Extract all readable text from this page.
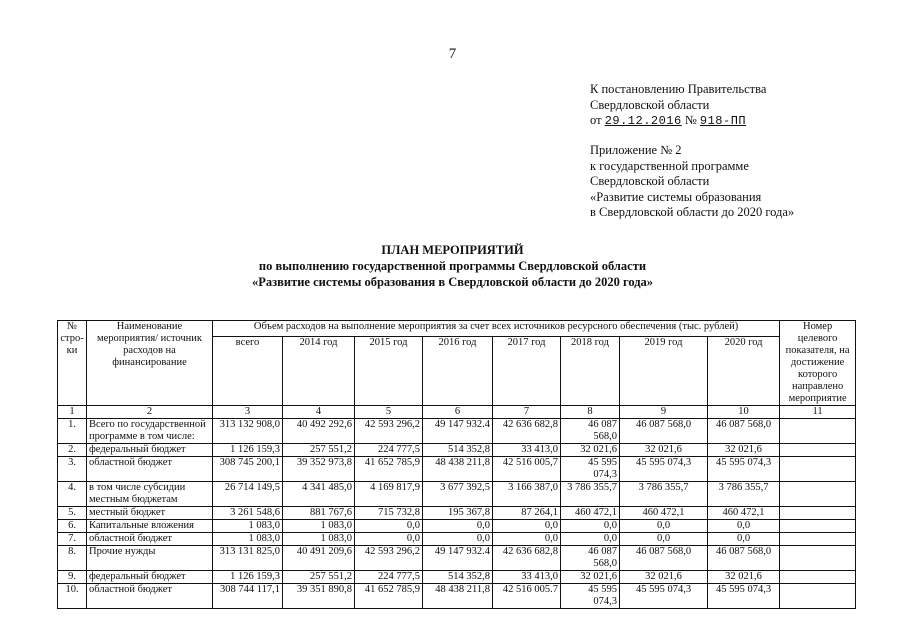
7
К постановлению Правительства
Свердловской области
от 29.12.2016 № 918-ПП
Приложение № 2
к государственной программе
Свердловской области
«Развитие системы образования
в Свердловской области до 2020 года»
ПЛАН МЕРОПРИЯТИЙ
по выполнению государственной программы Свердловской области
«Развитие системы образования в Свердловской области до 2020 года»
№ стро- ки	Наименование мероприятия/ источник расходов на финансирование	Объем расходов на выполнение мероприятия за счет всех источников ресурсного обеспечения (тыс. рублей)								Номер целевого показателя, на достижение которого направлено мероприятие
		всего	2014 год	2015 год	2016 год	2017 год	2018 год	2019 год	2020 год	
1	2	3	4	5	6	7	8	9	10	11
1.	Всего по государственной программе в том числе:	313 132 908,0	40 492 292,6	42 593 296,2	49 147 932.4	42 636 682,8	46 087 568,0	46 087 568,0	46 087 568,0	
2.	федеральный бюджет	1 126 159,3	257 551,2	224 777,5	514 352,8	33 413,0	32 021,6	32 021,6	32 021,6	
3.	областной бюджет	308 745 200,1	39 352 973,8	41 652 785,9	48 438 211,8	42 516 005,7	45 595 074,3	45 595 074,3	45 595 074,3	
4.	в том числе субсидии местным бюджетам	26 714 149,5	4 341 485,0	4 169 817,9	3 677 392,5	3 166 387,0	3 786 355,7	3 786 355,7	3 786 355,7	
5.	местный бюджет	3 261 548,6	881 767,6	715 732,8	195 367,8	87 264,1	460 472,1	460 472,1	460 472,1	
6.	Капитальные вложения	1 083,0	1 083,0	0,0	0,0	0,0	0,0	0,0	0,0	
7.	областной бюджет	1 083,0	1 083,0	0,0	0,0	0,0	0,0	0,0	0,0	
8.	Прочие нужды	313 131 825,0	40 491 209,6	42 593 296,2	49 147 932.4	42 636 682,8	46 087 568,0	46 087 568,0	46 087 568,0	
9.	федеральный бюджет	1 126 159,3	257 551,2	224 777,5	514 352,8	33 413,0	32 021,6	32 021,6	32 021,6	
10.	областной бюджет	308 744 117,1	39 351 890,8	41 652 785,9	48 438 211,8	42 516 005.7	45 595 074,3	45 595 074,3	45 595 074,3	
